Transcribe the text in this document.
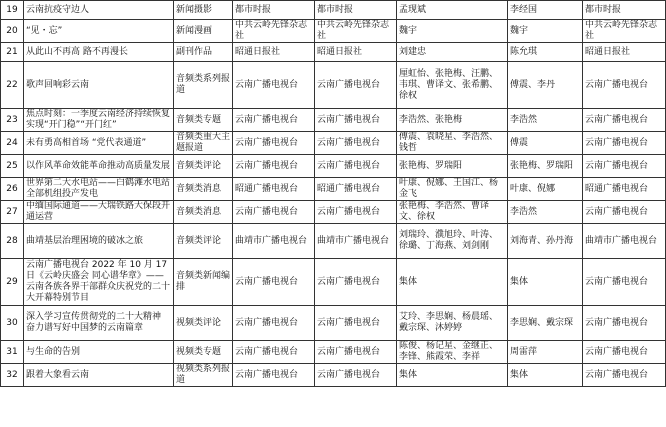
19	云南抗疫守边人	新闻摄影	都市时报	都市时报	孟现斌	李经国	都市时报
20	“见・忘”	新闻漫画	中共云岭先锋杂志社	中共云岭先锋杂志社	魏宇	魏宇	中共云岭先锋杂志社
21	从此山不再高 路不再漫长	副刊作品	昭通日报社	昭通日报社	刘建忠	陈允琪	昭通日报社
22	歌声回响彩云南	音频类系列报道	云南广播电视台	云南广播电视台	厘虹怡、张艳梅、汪鹏、韦琪、曹译文、张希鹏、徐权	傅震、李丹	云南广播电视台
23	焦点时刻：一季度云南经济持续恢复 实现“开门稳”“开门红”	音频类专题	云南广播电视台	云南广播电视台	李浩然、张艳梅	李浩然	云南广播电视台
24	未有勇高相首场 “党代表通道”	音频类重大主题报道	云南广播电视台	云南广播电视台	傅震、袁晓星、李浩然、钱哲	傅震	云南广播电视台
25	以作风革命效能革命推动高质量发展	音频类评论	云南广播电视台	云南广播电视台	张艳梅、罗瑞阳	张艳梅、罗瑞阳	云南广播电视台
26	世界第二大水电站——白鹤滩水电站全部机组投产发电	音频类消息	昭通广播电视台	昭通广播电视台	叶康、倪娜、王国江、杨金飞	叶康、倪娜	昭通广播电视台
27	中缅国际通道——大瑞铁路大保段开通运营	音频类消息	云南广播电视台	云南广播电视台	张艳梅、李浩然、曹译文、徐权	李浩然	云南广播电视台
28	曲靖基层治理困境的破冰之旅	音频类评论	曲靖市广播电视台	曲靖市广播电视台	刘瑞玲、濮旭玲、叶涛、徐璐、丁海燕、刘剑刚	刘海青、孙丹海	曲靖市广播电视台
29	云南广播电视台 2022 年 10 月 17 日《云岭庆盛会 同心谱华章》——云南各族各界干部群众庆祝党的二十大开幕特别节目	音频类新闻编排	云南广播电视台	云南广播电视台	集体	集体	云南广播电视台
30	深入学习宣传贯彻党的二十大精神 奋力谱写好中国梦的云南篇章	视频类评论	云南广播电视台	云南广播电视台	艾玲、李思娴、杨晨瑶、戴宗琛、沐婷婷	李思娴、戴宗琛	云南广播电视台
31	与生命的告别	视频类专题	云南广播电视台	云南广播电视台	陈俊、杨记星、金继正、李锋、熊霞荣、李祥	周雷萍	云南广播电视台
32	跟着大象看云南	视频类系列报道	云南广播电视台	云南广播电视台	集体	集体	云南广播电视台
